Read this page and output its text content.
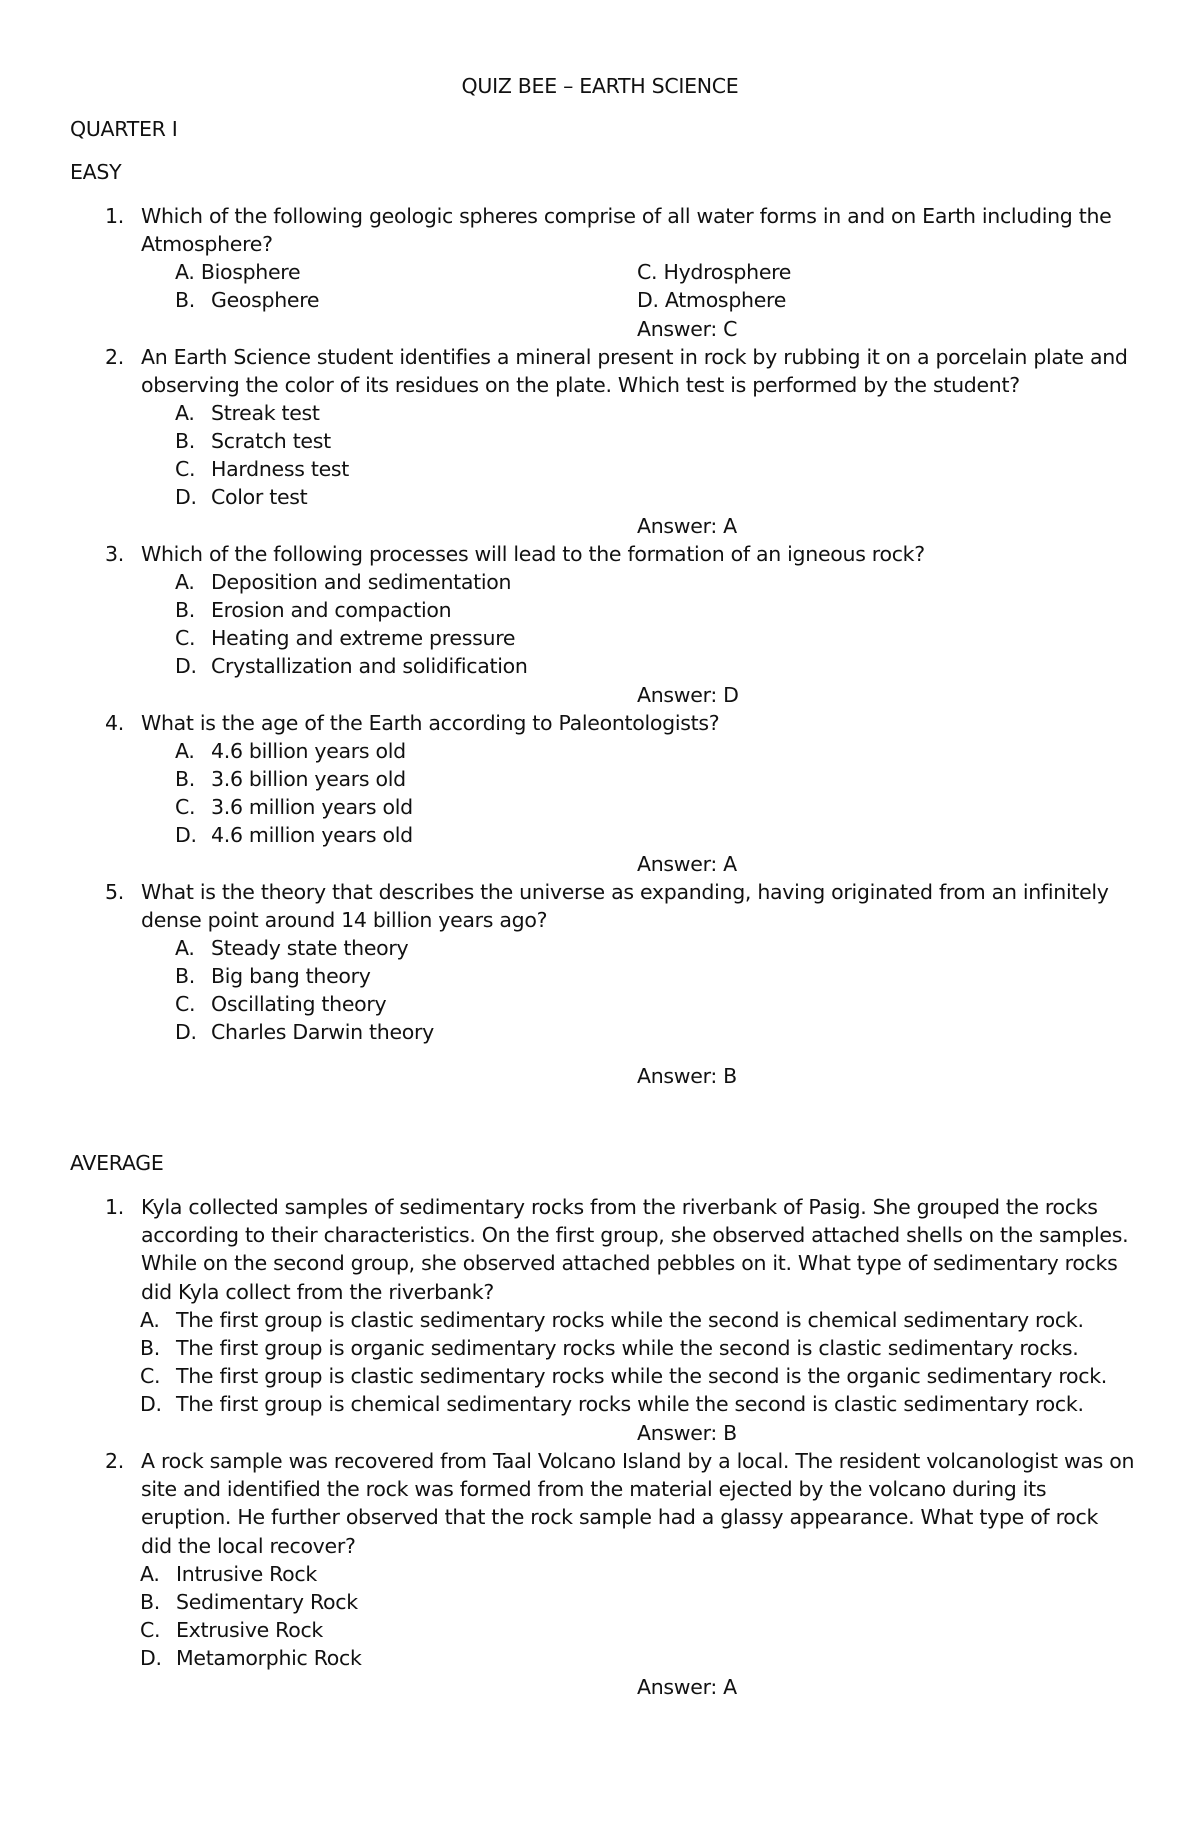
QUIZ BEE – EARTH SCIENCE
QUARTER I
EASY
1. Which of the following geologic spheres comprise of all water forms in and on Earth including the Atmosphere?
A. Biosphere
B. Geosphere
C. Hydrosphere
D. Atmosphere
Answer: C
2. An Earth Science student identifies a mineral present in rock by rubbing it on a porcelain plate and observing the color of its residues on the plate. Which test is performed by the student?
A. Streak test
B. Scratch test
C. Hardness test
D. Color test
Answer: A
3. Which of the following processes will lead to the formation of an igneous rock?
A. Deposition and sedimentation
B. Erosion and compaction
C. Heating and extreme pressure
D. Crystallization and solidification
Answer: D
4. What is the age of the Earth according to Paleontologists?
A. 4.6 billion years old
B. 3.6 billion years old
C. 3.6 million years old
D. 4.6 million years old
Answer: A
5. What is the theory that describes the universe as expanding, having originated from an infinitely dense point around 14 billion years ago?
A. Steady state theory
B. Big bang theory
C. Oscillating theory
D. Charles Darwin theory
Answer: B
AVERAGE
1. Kyla collected samples of sedimentary rocks from the riverbank of Pasig. She grouped the rocks according to their characteristics. On the first group, she observed attached shells on the samples. While on the second group, she observed attached pebbles on it. What type of sedimentary rocks did Kyla collect from the riverbank?
A. The first group is clastic sedimentary rocks while the second is chemical sedimentary rock.
B. The first group is organic sedimentary rocks while the second is clastic sedimentary rocks.
C. The first group is clastic sedimentary rocks while the second is the organic sedimentary rock.
D. The first group is chemical sedimentary rocks while the second is clastic sedimentary rock.
Answer: B
2. A rock sample was recovered from Taal Volcano Island by a local. The resident volcanologist was on site and identified the rock was formed from the material ejected by the volcano during its eruption. He further observed that the rock sample had a glassy appearance. What type of rock did the local recover?
A. Intrusive Rock
B. Sedimentary Rock
C. Extrusive Rock
D. Metamorphic Rock
Answer: A
